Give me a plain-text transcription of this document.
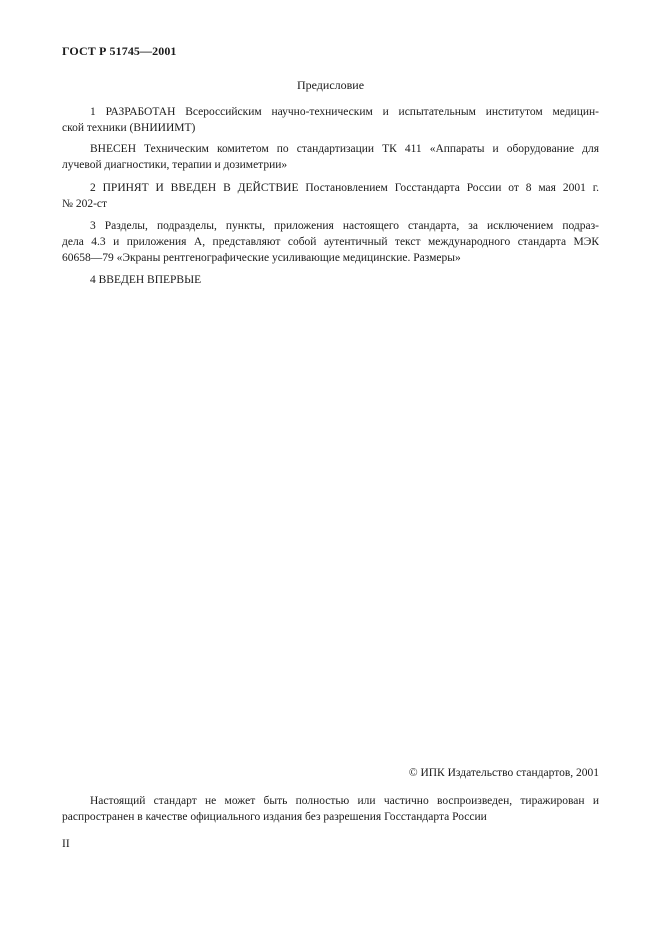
ГОСТ Р 51745—2001
Предисловие
1 РАЗРАБОТАН Всероссийским научно-техническим и испытательным институтом медицин-
ской техники (ВНИИИМТ)
ВНЕСЕН Техническим комитетом по стандартизации ТК 411 «Аппараты и оборудование для
лучевой диагностики, терапии и дозиметрии»
2 ПРИНЯТ И ВВЕДЕН В ДЕЙСТВИЕ Постановлением Госстандарта России от 8 мая 2001 г.
№ 202-ст
3 Разделы, подразделы, пункты, приложения настоящего стандарта, за исключением подраз-
дела 4.3 и приложения А, представляют собой аутентичный текст международного стандарта МЭК
60658—79 «Экраны рентгенографические усиливающие медицинские. Размеры»
4 ВВЕДЕН ВПЕРВЫЕ
© ИПК Издательство стандартов, 2001
Настоящий стандарт не может быть полностью или частично воспроизведен, тиражирован и
распространен в качестве официального издания без разрешения Госстандарта России
II
